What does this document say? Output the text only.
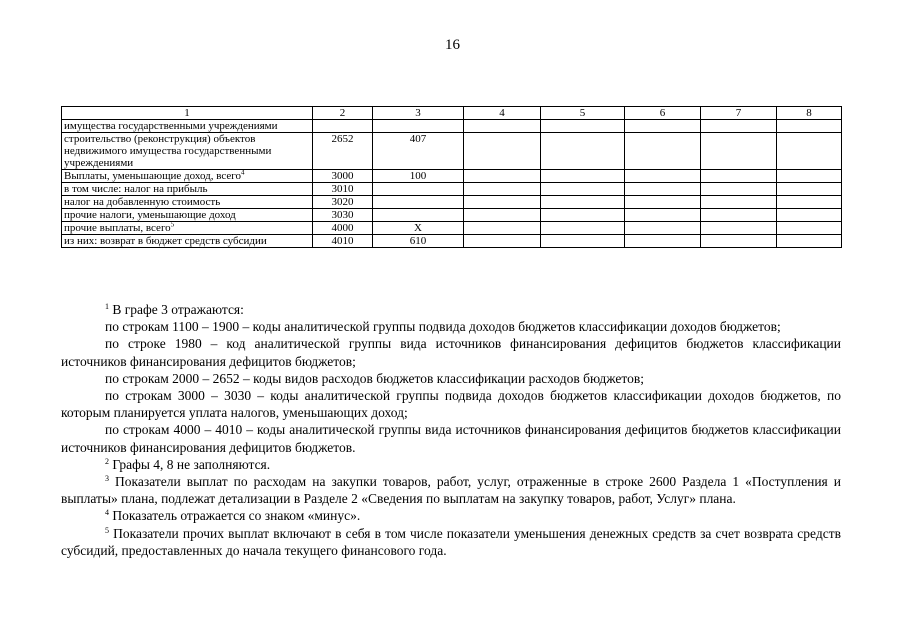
16
1	2	3	4	5	6	7	8
имущества государственными учреждениями							
строительство (реконструкция) объектов недвижимого имущества государственными учреждениями	2652	407					
Выплаты, уменьшающие доход, всего$^4$	3000	100					
в том числе: налог на прибыль	3010						
налог на добавленную стоимость	3020						
прочие налоги, уменьшающие доход	3030						
прочие выплаты, всего$^5$	4000	Х					
из них: возврат в бюджет средств субсидии	4010	610					

$^1$ В графе 3 отражаются:

по строкам 1100 – 1900 – коды аналитической группы подвида доходов бюджетов классификации доходов бюджетов;

по строке 1980 – код аналитической группы вида источников финансирования дефицитов бюджетов классификации источников финансирования дефицитов бюджетов;

по строкам 2000 – 2652 – коды видов расходов бюджетов классификации расходов бюджетов;

по строкам 3000 – 3030 – коды аналитической группы подвида доходов бюджетов классификации доходов бюджетов, по которым планируется уплата налогов, уменьшающих доход;

по строкам 4000 – 4010 – коды аналитической группы вида источников финансирования дефицитов бюджетов классификации источников финансирования дефицитов бюджетов.

$^2$ Графы 4, 8 не заполняются.

$^3$ Показатели выплат по расходам на закупки товаров, работ, услуг, отраженные в строке 2600 Раздела 1 «Поступления и выплаты» плана, подлежат детализации в Разделе 2 «Сведения по выплатам на закупку товаров, работ, Услуг» плана.

$^4$ Показатель отражается со знаком «минус».

$^5$ Показатели прочих выплат включают в себя в том числе показатели уменьшения денежных средств за счет возврата средств субсидий, предоставленных до начала текущего финансового года.
